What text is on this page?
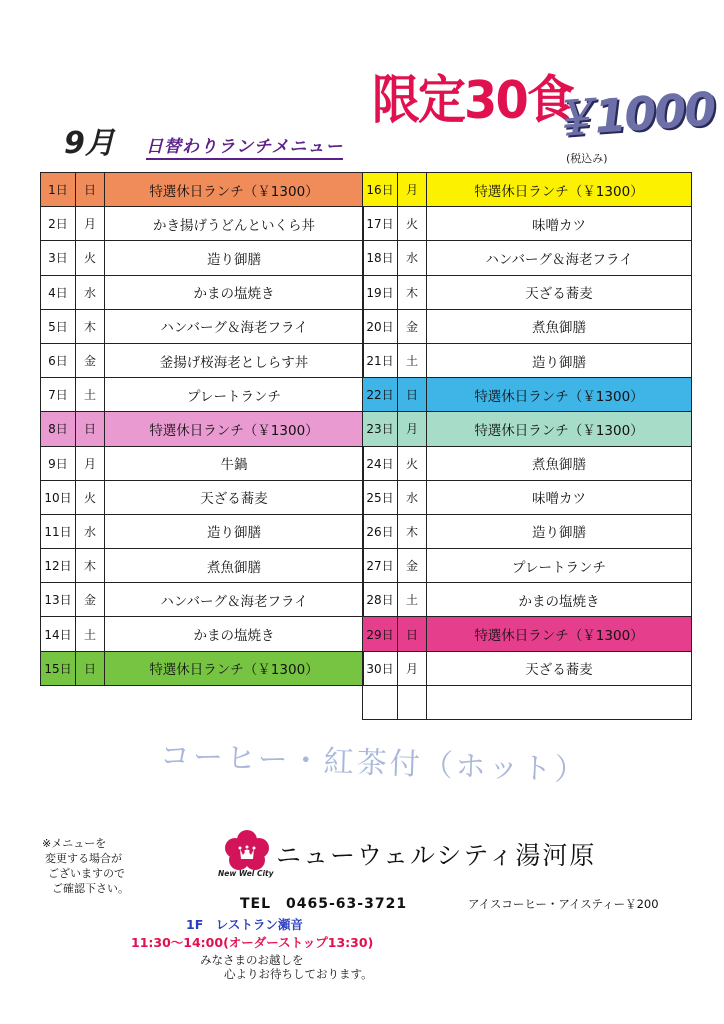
9月 日替わりランチメニュー
限定30食
￥1000
(税込み)
1日	日	特選休日ランチ（￥1300）
2日	月	かき揚げうどんといくら丼
3日	火	造り御膳
4日	水	かまの塩焼き
5日	木	ハンバーグ＆海老フライ
6日	金	釜揚げ桜海老としらす丼
7日	土	プレートランチ
8日	日	特選休日ランチ（￥1300）
9日	月	牛鍋
10日	火	天ざる蕎麦
11日	水	造り御膳
12日	木	煮魚御膳
13日	金	ハンバーグ＆海老フライ
14日	土	かまの塩焼き
15日	日	特選休日ランチ（￥1300）
16日	月	特選休日ランチ（￥1300）
17日	火	味噌カツ
18日	水	ハンバーグ＆海老フライ
19日	木	天ざる蕎麦
20日	金	煮魚御膳
21日	土	造り御膳
22日	日	特選休日ランチ（￥1300）
23日	月	特選休日ランチ（￥1300）
24日	火	煮魚御膳
25日	水	味噌カツ
26日	木	造り御膳
27日	金	プレートランチ
28日	土	かまの塩焼き
29日	日	特選休日ランチ（￥1300）
30日	月	天ざる蕎麦

コーヒー・紅茶付（ホット）
※メニューを
変更する場合が
ございますので
ご確認下さい。
New Wel City
ニューウェルシティ湯河原
TEL　0465-63-3721	アイスコーヒー・アイスティー￥200
1F　レストラン瀬音
11:30～14:00(オーダーストップ13:30)
みなさまのお越しを
心よりお待ちしております。
